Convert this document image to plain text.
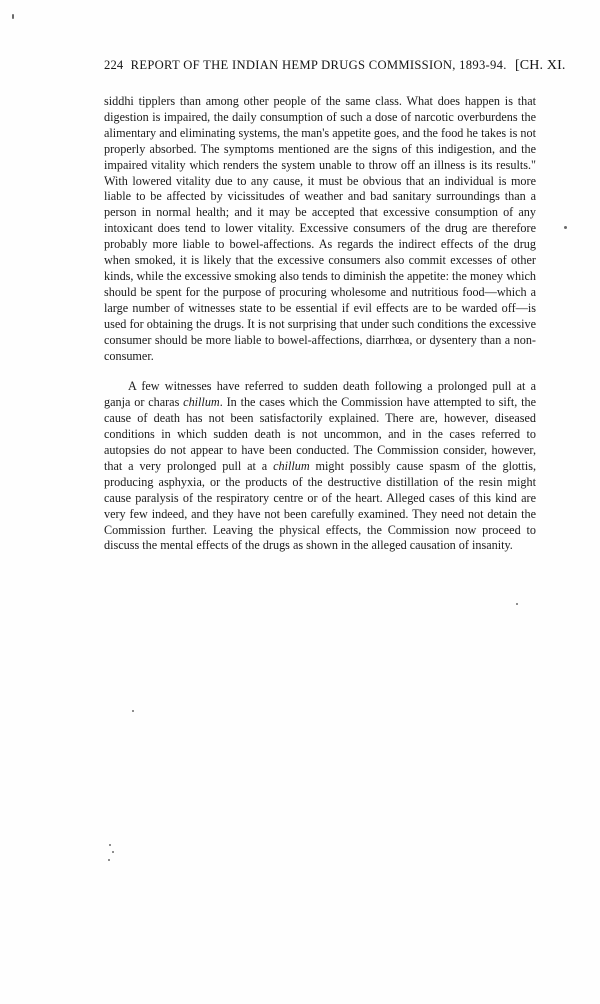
224 REPORT OF THE INDIAN HEMP DRUGS COMMISSION, 1893-94. [CH. XI.

siddhi tipplers than among other people of the same class. What does happen is that digestion is impaired, the daily consumption of such a dose of narcotic overburdens the alimentary and eliminating systems, the man's appetite goes, and the food he takes is not properly absorbed. The symptoms mentioned are the signs of this indigestion, and the impaired vitality which renders the system unable to throw off an illness is its results." With lowered vitality due to any cause, it must be obvious that an individual is more liable to be affected by vicissitudes of weather and bad sanitary surroundings than a person in normal health; and it may be accepted that excessive consumption of any intoxicant does tend to lower vitality. Excessive consumers of the drug are therefore probably more liable to bowel-affections. As regards the indirect effects of the drug when smoked, it is likely that the excessive consumers also commit excesses of other kinds, while the excessive smoking also tends to diminish the appetite: the money which should be spent for the purpose of procuring wholesome and nutritious food—which a large number of witnesses state to be essential if evil effects are to be warded off—is used for obtaining the drugs. It is not surprising that under such conditions the excessive consumer should be more liable to bowel-affections, diarrhœa, or dysentery than a non-consumer.

A few witnesses have referred to sudden death following a prolonged pull at a ganja or charas chillum. In the cases which the Commission have attempted to sift, the cause of death has not been satisfactorily explained. There are, however, diseased conditions in which sudden death is not uncommon, and in the cases referred to autopsies do not appear to have been conducted. The Commission consider, however, that a very prolonged pull at a chillum might possibly cause spasm of the glottis, producing asphyxia, or the products of the destructive distillation of the resin might cause paralysis of the respiratory centre or of the heart. Alleged cases of this kind are very few indeed, and they have not been carefully examined. They need not detain the Commission further. Leaving the physical effects, the Commission now proceed to discuss the mental effects of the drugs as shown in the alleged causation of insanity.
